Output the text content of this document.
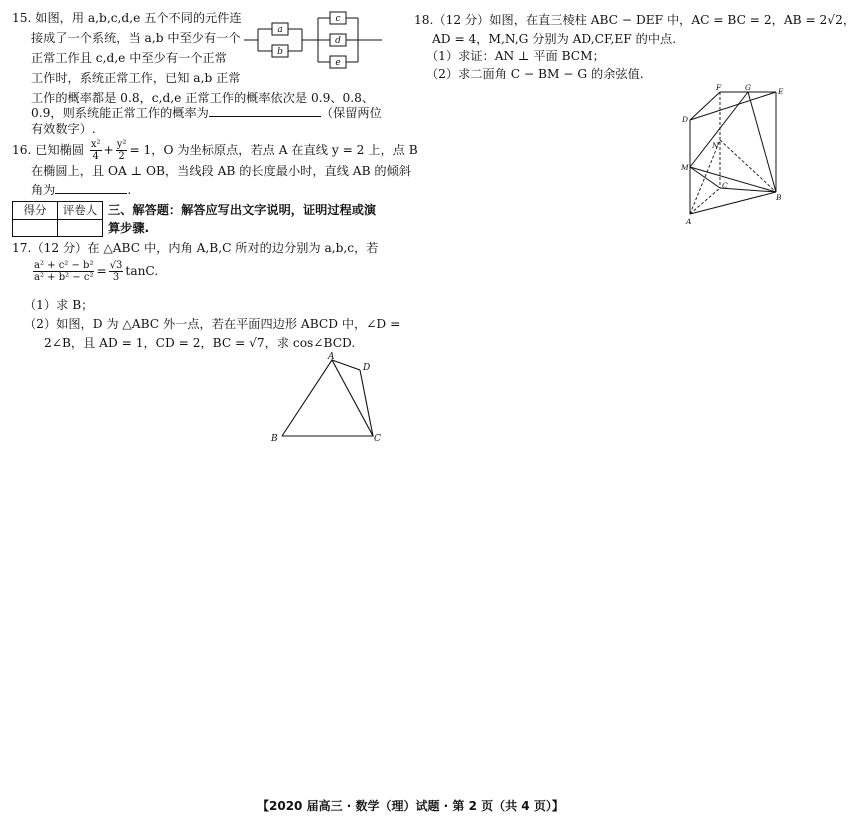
15. 如图，用 a,b,c,d,e 五个不同的元件连
接成了一个系统，当 a,b 中至少有一个
正常工作且 c,d,e 中至少有一个正常
工作时，系统正常工作，已知 a,b 正常
工作的概率都是 0.8，c,d,e 正常工作的概率依次是 0.9、0.8、
0.9，则系统能正常工作的概率为	（保留两位
有效数字）.
a
b
c
d
e
16. 已知椭圆 $\frac{\text{x²}}{4} + \frac{\text{y²}}{2} = 1$，O 为坐标原点，若点 A 在直线 y = 2 上，点 B
在椭圆上，且 OA ⊥ OB，当线段 AB 的长度最小时，直线 AB 的倾斜
角为	.
得分	评卷人
	三、解答题：解答应写出文字说明，证明过程或演
算步骤.
17.（12 分）在 △ABC 中，内角 A,B,C 所对的边分别为 a,b,c，若
$\frac{\text{a² + c² − b²}}{\text{a² + b² − c²}} = \frac{√3}{3} \tan C$.
（1）求 B；
（2）如图，D 为 △ABC 外一点，若在平面四边形 ABCD 中，∠D =
2∠B，且 AD = 1，CD = 2，BC = √7，求 cos∠BCD.
A
D
B	C
18.（12 分）如图，在直三棱柱 ABC − DEF 中，AC = BC = 2，AB = 2√2，
AD = 4，M,N,G 分别为 AD,CF,EF 的中点.
（1）求证：AN ⊥ 平面 BCM；
（2）求二面角 C − BM − G 的余弦值.
F	G	E
D
N
M
C
B
A
【2020 届高三 · 数学（理）试题 · 第 2 页（共 4 页）】
